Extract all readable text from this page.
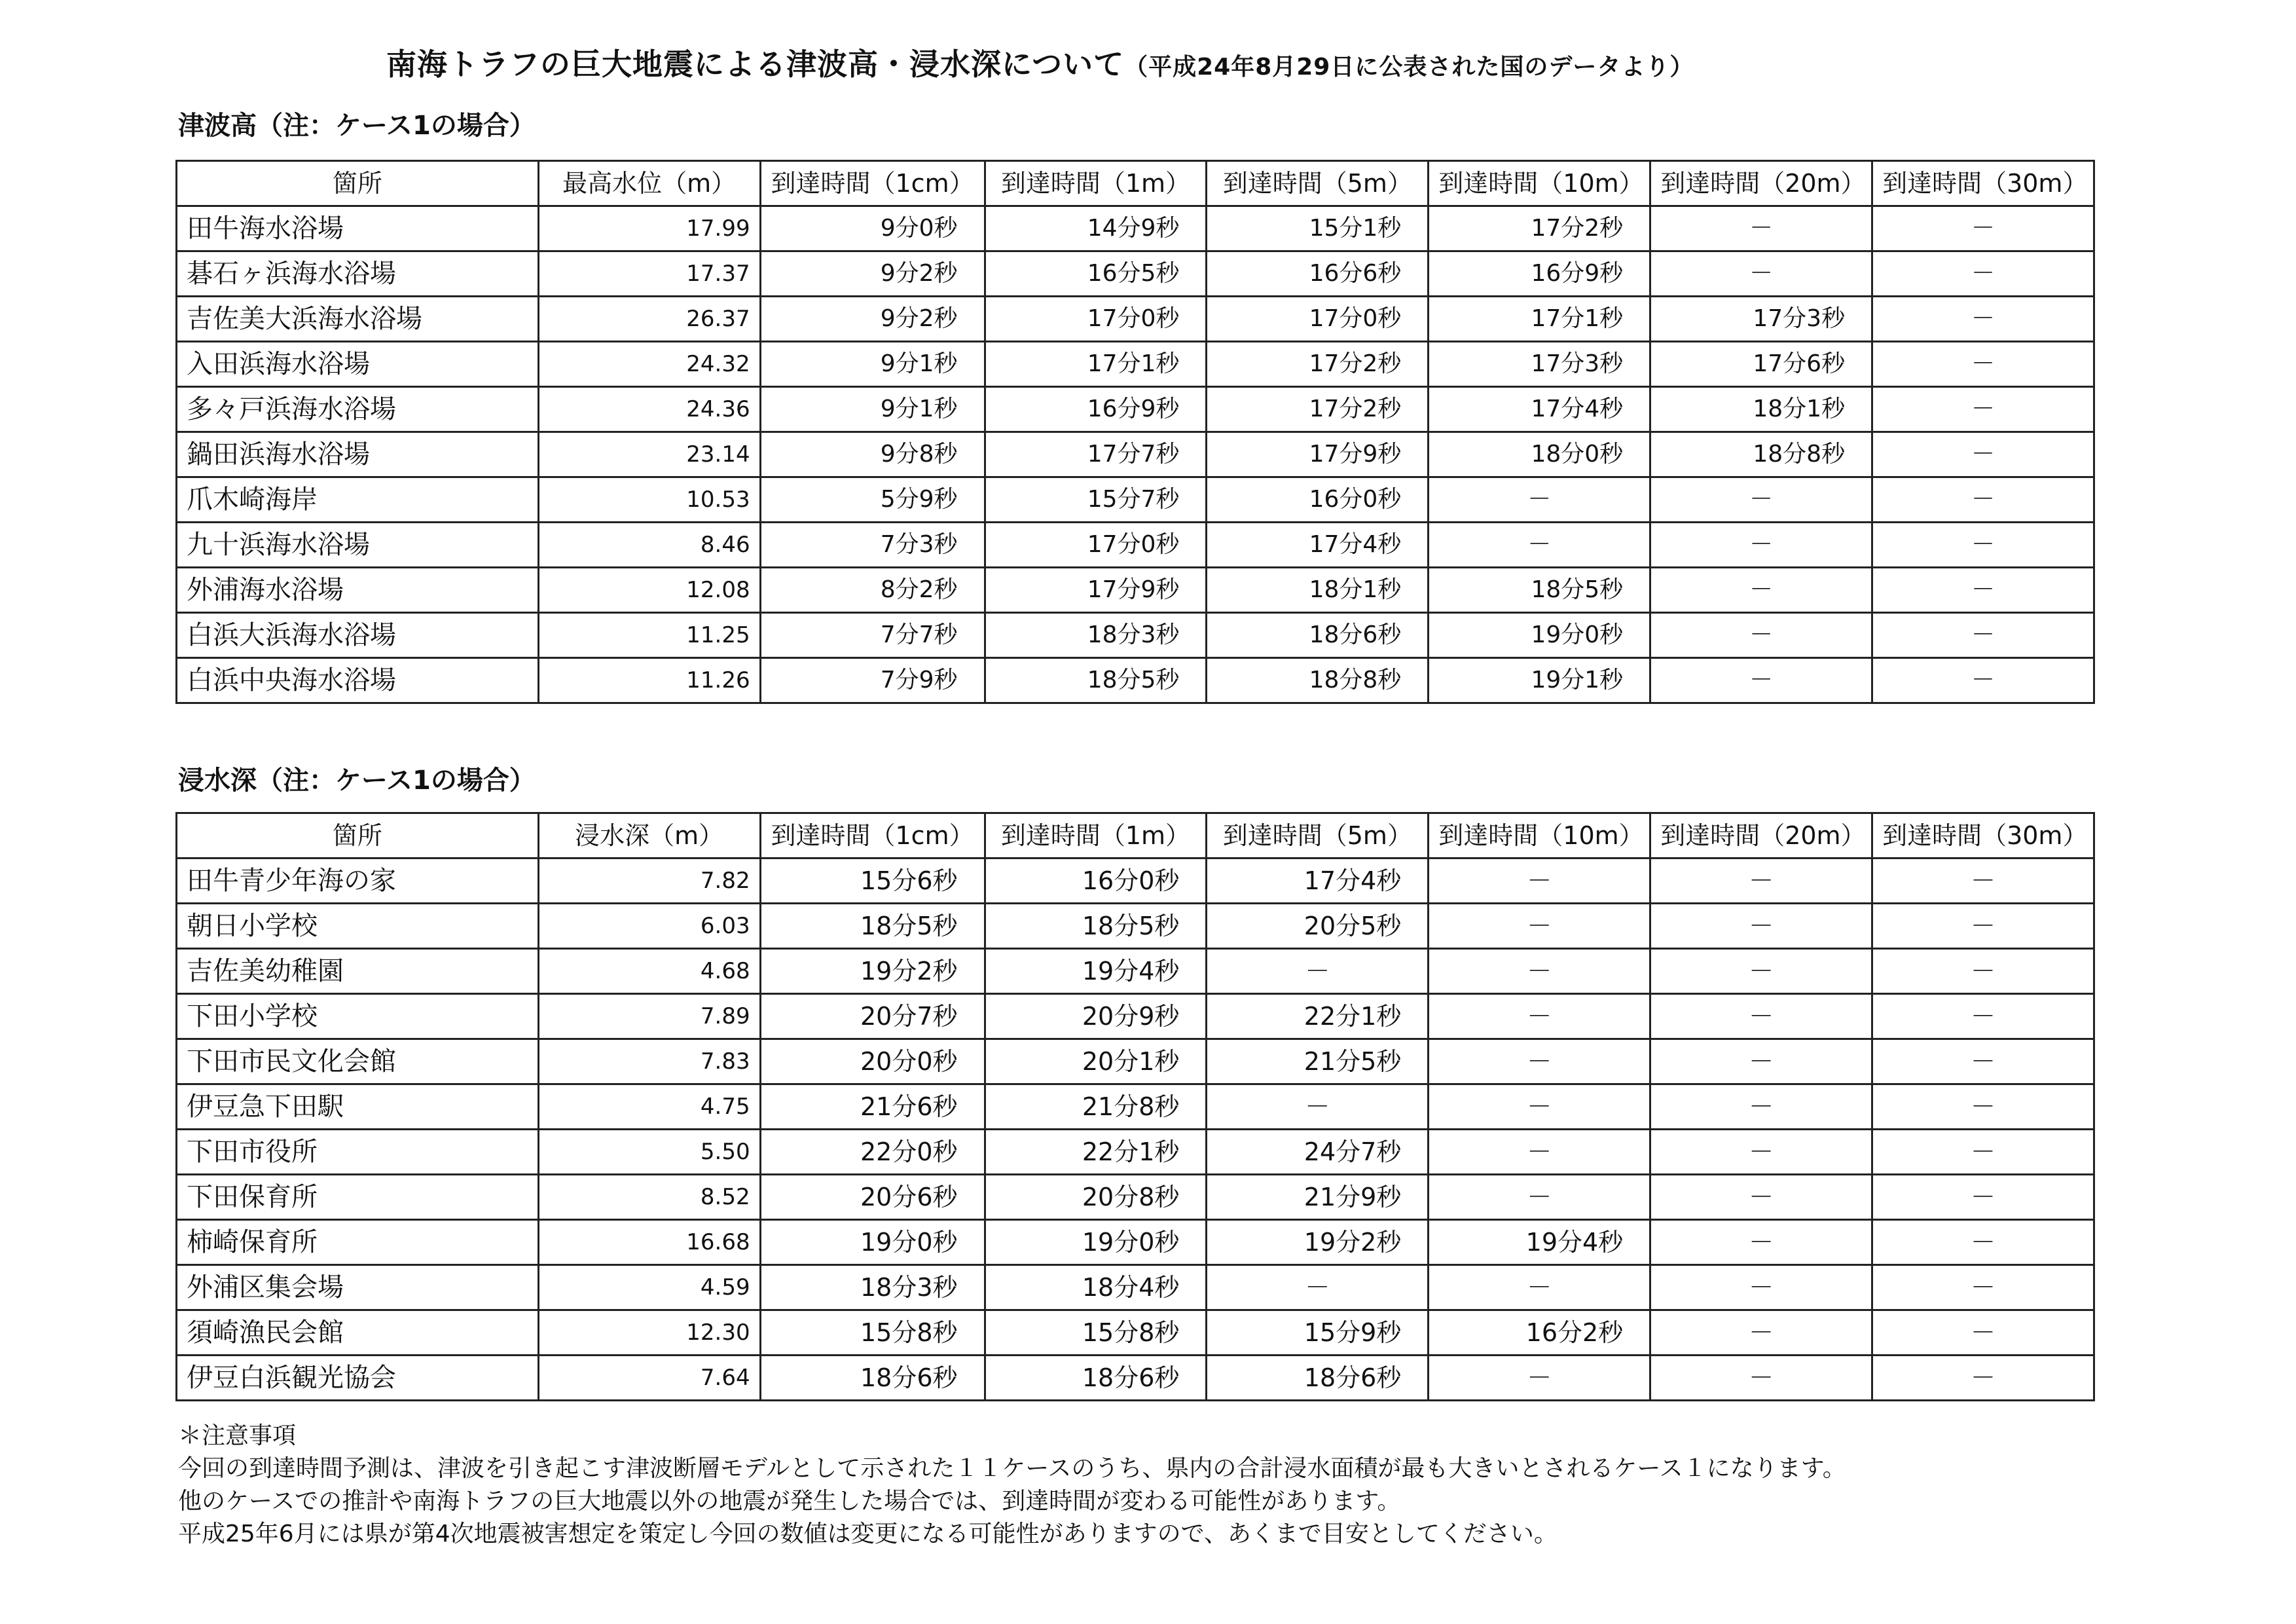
南海トラフの巨大地震による津波高・浸水深について（平成24年8月29日に公表された国のデータより）
津波高（注：ケース1の場合）
箇所	最高水位（m）	到達時間（1cm）	到達時間（1m）	到達時間（5m）	到達時間（10m）	到達時間（20m）	到達時間（30m）
田牛海水浴場	17.99	9分0秒	14分9秒	15分1秒	17分2秒	－	－
碁石ヶ浜海水浴場	17.37	9分2秒	16分5秒	16分6秒	16分9秒	－	－
吉佐美大浜海水浴場	26.37	9分2秒	17分0秒	17分0秒	17分1秒	17分3秒	－
入田浜海水浴場	24.32	9分1秒	17分1秒	17分2秒	17分3秒	17分6秒	－
多々戸浜海水浴場	24.36	9分1秒	16分9秒	17分2秒	17分4秒	18分1秒	－
鍋田浜海水浴場	23.14	9分8秒	17分7秒	17分9秒	18分0秒	18分8秒	－
爪木崎海岸	10.53	5分9秒	15分7秒	16分0秒	－	－	－
九十浜海水浴場	8.46	7分3秒	17分0秒	17分4秒	－	－	－
外浦海水浴場	12.08	8分2秒	17分9秒	18分1秒	18分5秒	－	－
白浜大浜海水浴場	11.25	7分7秒	18分3秒	18分6秒	19分0秒	－	－
白浜中央海水浴場	11.26	7分9秒	18分5秒	18分8秒	19分1秒	－	－
浸水深（注：ケース1の場合）
箇所	浸水深（m）	到達時間（1cm）	到達時間（1m）	到達時間（5m）	到達時間（10m）	到達時間（20m）	到達時間（30m）
田牛青少年海の家	7.82	15分6秒	16分0秒	17分4秒	－	－	－
朝日小学校	6.03	18分5秒	18分5秒	20分5秒	－	－	－
吉佐美幼稚園	4.68	19分2秒	19分4秒	－	－	－	－
下田小学校	7.89	20分7秒	20分9秒	22分1秒	－	－	－
下田市民文化会館	7.83	20分0秒	20分1秒	21分5秒	－	－	－
伊豆急下田駅	4.75	21分6秒	21分8秒	－	－	－	－
下田市役所	5.50	22分0秒	22分1秒	24分7秒	－	－	－
下田保育所	8.52	20分6秒	20分8秒	21分9秒	－	－	－
柿崎保育所	16.68	19分0秒	19分0秒	19分2秒	19分4秒	－	－
外浦区集会場	4.59	18分3秒	18分4秒	－	－	－	－
須崎漁民会館	12.30	15分8秒	15分8秒	15分9秒	16分2秒	－	－
伊豆白浜観光協会	7.64	18分6秒	18分6秒	18分6秒	－	－	－
＊注意事項
今回の到達時間予測は、津波を引き起こす津波断層モデルとして示された１１ケースのうち、県内の合計浸水面積が最も大きいとされるケース１になります。
他のケースでの推計や南海トラフの巨大地震以外の地震が発生した場合では、到達時間が変わる可能性があります。
平成25年6月には県が第4次地震被害想定を策定し今回の数値は変更になる可能性がありますので、あくまで目安としてください。
